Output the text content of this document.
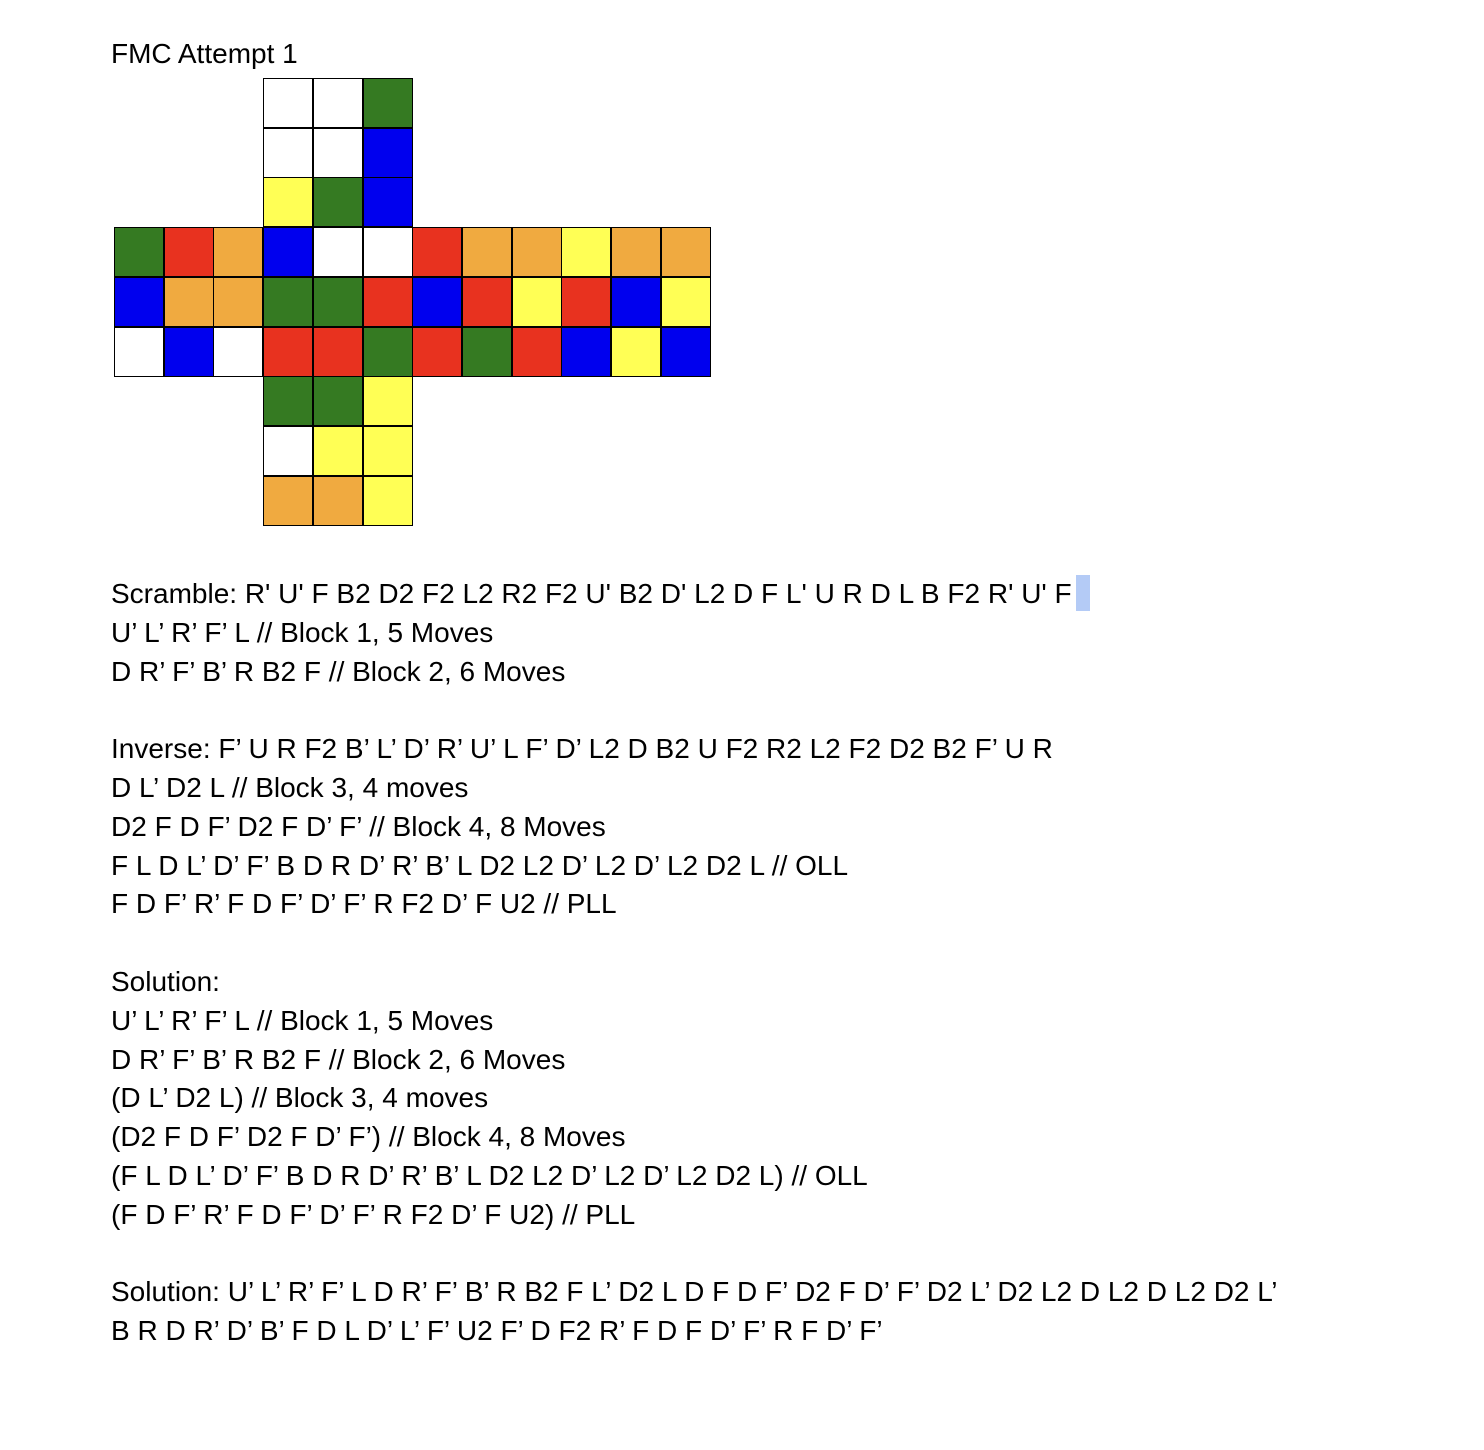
FMC Attempt 1
Scramble: R' U' F B2 D2 F2 L2 R2 F2 U' B2 D' L2 D F L' U R D L B F2 R' U' F
U’ L’ R’ F’ L // Block 1, 5 Moves
D R’ F’ B’ R B2 F // Block 2, 6 Moves
Inverse: F’ U R F2 B’ L’ D’ R’ U’ L F’ D’ L2 D B2 U F2 R2 L2 F2 D2 B2 F’ U R
D L’ D2 L // Block 3, 4 moves
D2 F D F’ D2 F D’ F’ // Block 4, 8 Moves
F L D L’ D’ F’ B D R D’ R’ B’ L D2 L2 D’ L2 D’ L2 D2 L // OLL
F D F’ R’ F D F’ D’ F’ R F2 D’ F U2 // PLL
Solution:
U’ L’ R’ F’ L // Block 1, 5 Moves
D R’ F’ B’ R B2 F // Block 2, 6 Moves
(D L’ D2 L) // Block 3, 4 moves
(D2 F D F’ D2 F D’ F’) // Block 4, 8 Moves
(F L D L’ D’ F’ B D R D’ R’ B’ L D2 L2 D’ L2 D’ L2 D2 L) // OLL
(F D F’ R’ F D F’ D’ F’ R F2 D’ F U2) // PLL
Solution: U’ L’ R’ F’ L D R’ F’ B’ R B2 F L’ D2 L D F D F’ D2 F D’ F’ D2 L’ D2 L2 D L2 D L2 D2 L’
B R D R’ D’ B’ F D L D’ L’ F’ U2 F’ D F2 R’ F D F D’ F’ R F D’ F’
